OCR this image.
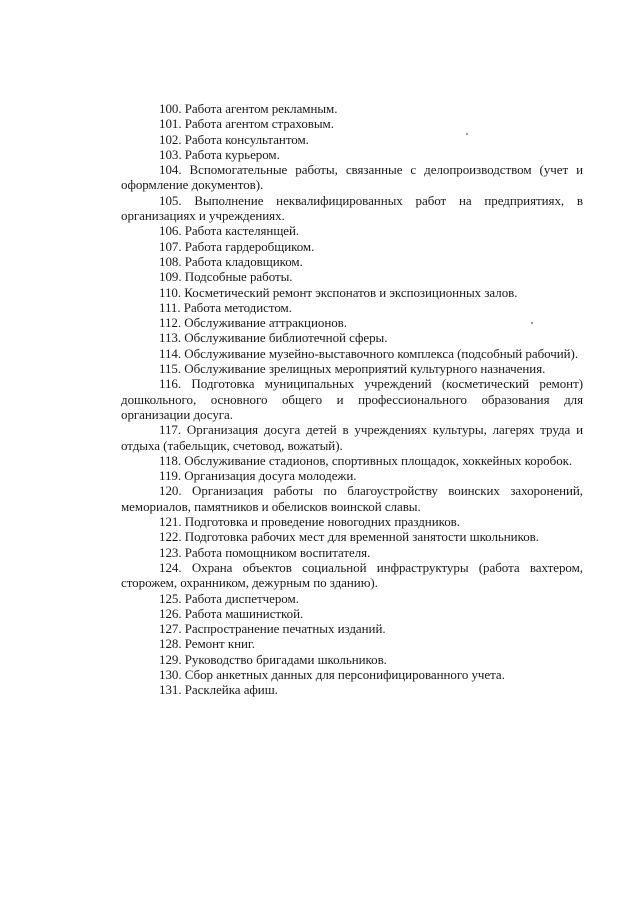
100. Работа агентом рекламным.

101. Работа агентом страховым.

102. Работа консультантом.

103. Работа курьером.

104. Вспомогательные работы, связанные с делопроизводством (учет и оформление документов).

105. Выполнение неквалифицированных работ на предприятиях, в организациях и учреждениях.

106. Работа кастелянщей.

107. Работа гардеробщиком.

108. Работа кладовщиком.

109. Подсобные работы.

110. Косметический ремонт экспонатов и экспозиционных залов.

111. Работа методистом.

112. Обслуживание аттракционов.

113. Обслуживание библиотечной сферы.

114. Обслуживание музейно-выставочного комплекса (подсобный рабочий).

115. Обслуживание зрелищных мероприятий культурного назначения.

116. Подготовка муниципальных учреждений (косметический ремонт) дошкольного, основного общего и профессионального образования для организации досуга.

117. Организация досуга детей в учреждениях культуры, лагерях труда и отдыха (табельщик, счетовод, вожатый).

118. Обслуживание стадионов, спортивных площадок, хоккейных коробок.

119. Организация досуга молодежи.

120. Организация работы по благоустройству воинских захоронений, мемориалов, памятников и обелисков воинской славы.

121. Подготовка и проведение новогодних праздников.

122. Подготовка рабочих мест для временной занятости школьников.

123. Работа помощником воспитателя.

124. Охрана объектов социальной инфраструктуры (работа вахтером, сторожем, охранником, дежурным по зданию).

125. Работа диспетчером.

126. Работа машинисткой.

127. Распространение печатных изданий.

128. Ремонт книг.

129. Руководство бригадами школьников.

130. Сбор анкетных данных для персонифицированного учета.

131. Расклейка афиш.
